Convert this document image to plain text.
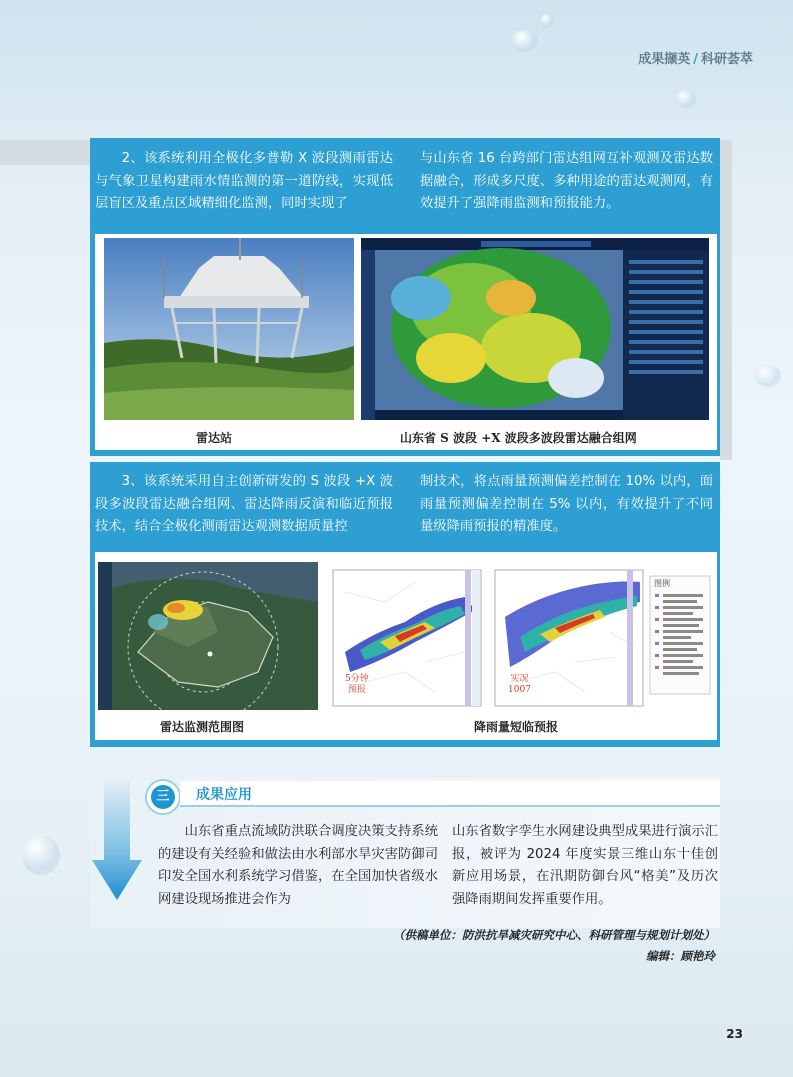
成果撷英 / 科研荟萃
2、该系统利用全极化多普勒 X 波段测雨雷达与气象卫星构建雨水情监测的第一道防线，实现低层盲区及重点区域精细化监测，同时实现了
与山东省 16 台跨部门雷达组网互补观测及雷达数据融合，形成多尺度、多种用途的雷达观测网，有效提升了强降雨监测和预报能力。
雷达站	山东省 S 波段 +X 波段多波段雷达融合组网
3、该系统采用自主创新研发的 S 波段 +X 波段多波段雷达融合组网、雷达降雨反演和临近预报技术，结合全极化测雨雷达观测数据质量控
制技术，将点雨量预测偏差控制在 10% 以内，面雨量预测偏差控制在 5% 以内，有效提升了不同量级降雨预报的精准度。
5分钟
预报
实况
1007
图例
雷达监测范围图	降雨量短临预报
三	成果应用
山东省重点流域防洪联合调度决策支持系统的建设有关经验和做法由水利部水旱灾害防御司印发全国水利系统学习借鉴，在全国加快省级水网建设现场推进会作为
山东省数字孪生水网建设典型成果进行演示汇报，被评为 2024 年度实景三维山东十佳创新应用场景，在汛期防御台风“格美”及历次强降雨期间发挥重要作用。
（供稿单位：防洪抗旱减灾研究中心、科研管理与规划计划处）
编辑：顾艳玲
23
